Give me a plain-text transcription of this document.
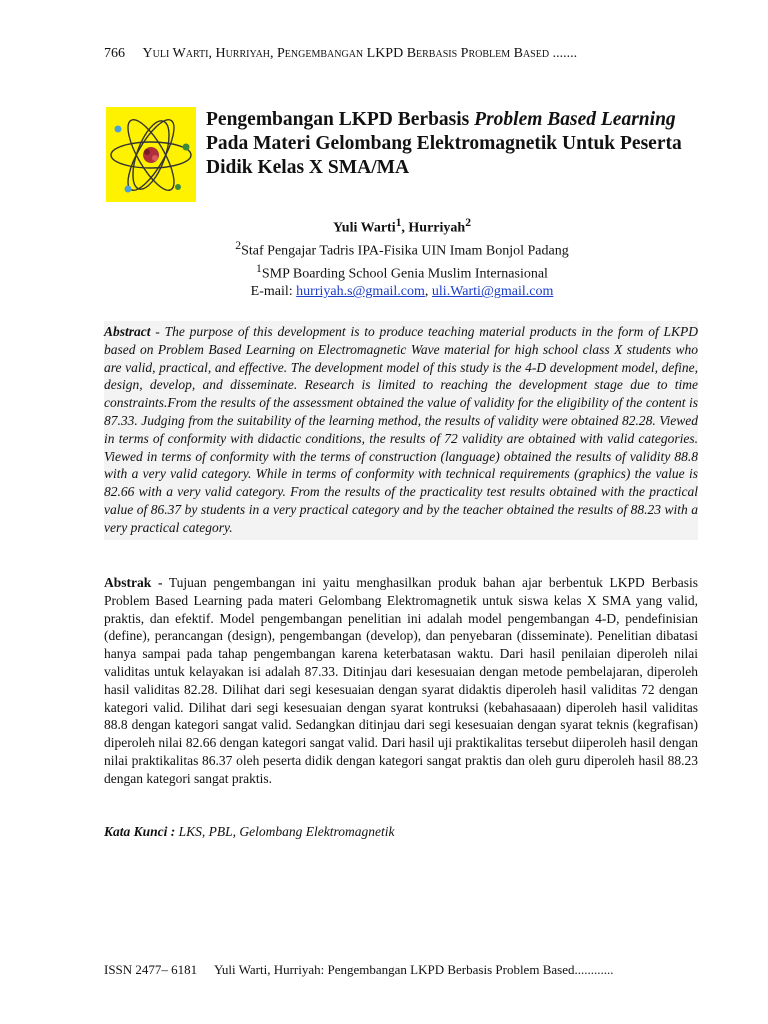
766 Yuli Warti, Hurriyah, Pengembangan LKPD Berbasis Problem Based .......
Pengembangan LKPD Berbasis Problem Based Learning Pada Materi Gelombang Elektromagnetik Untuk Peserta Didik Kelas X SMA/MA
Yuli Warti$^1$, Hurriyah$^2$
$^2$Staf Pengajar Tadris IPA-Fisika UIN Imam Bonjol Padang
$^1$SMP Boarding School Genia Muslim Internasional
E-mail: hurriyah.s@gmail.com, uli.Warti@gmail.com
Abstract - The purpose of this development is to produce teaching material products in the form of LKPD based on Problem Based Learning on Electromagnetic Wave material for high school class X students who are valid, practical, and effective. The development model of this study is the 4-D development model, define, design, develop, and disseminate. Research is limited to reaching the development stage due to time constraints.From the results of the assessment obtained the value of validity for the eligibility of the content is 87.33. Judging from the suitability of the learning method, the results of validity were obtained 82.28. Viewed in terms of conformity with didactic conditions, the results of 72 validity are obtained with valid categories. Viewed in terms of conformity with the terms of construction (language) obtained the results of validity 88.8 with a very valid category. While in terms of conformity with technical requirements (graphics) the value is 82.66 with a very valid category. From the results of the practicality test results obtained with the practical value of 86.37 by students in a very practical category and by the teacher obtained the results of 88.23 with a very practical category.
Abstrak - Tujuan pengembangan ini yaitu menghasilkan produk bahan ajar berbentuk LKPD Berbasis Problem Based Learning pada materi Gelombang Elektromagnetik untuk siswa kelas X SMA yang valid, praktis, dan efektif. Model pengembangan penelitian ini adalah model pengembangan 4-D, pendefinisian (define), perancangan (design), pengembangan (develop), dan penyebaran (disseminate). Penelitian dibatasi hanya sampai pada tahap pengembangan karena keterbatasan waktu. Dari hasil penilaian diperoleh nilai validitas untuk kelayakan isi adalah 87.33. Ditinjau dari kesesuaian dengan metode pembelajaran, diperoleh hasil validitas 82.28. Dilihat dari segi kesesuaian dengan syarat didaktis diperoleh hasil validitas 72 dengan kategori valid. Dilihat dari segi kesesuaian dengan syarat kontruksi (kebahasaaan) diperoleh hasil validitas 88.8 dengan kategori sangat valid. Sedangkan ditinjau dari segi kesesuaian dengan syarat teknis (kegrafisan) diperoleh nilai 82.66 dengan kategori sangat valid. Dari hasil uji praktikalitas tersebut diiperoleh hasil dengan nilai praktikalitas 86.37 oleh peserta didik dengan kategori sangat praktis dan oleh guru diperoleh hasil 88.23 dengan kategori sangat praktis.
Kata Kunci : LKS, PBL, Gelombang Elektromagnetik
ISSN 2477– 6181 Yuli Warti, Hurriyah: Pengembangan LKPD Berbasis Problem Based............
